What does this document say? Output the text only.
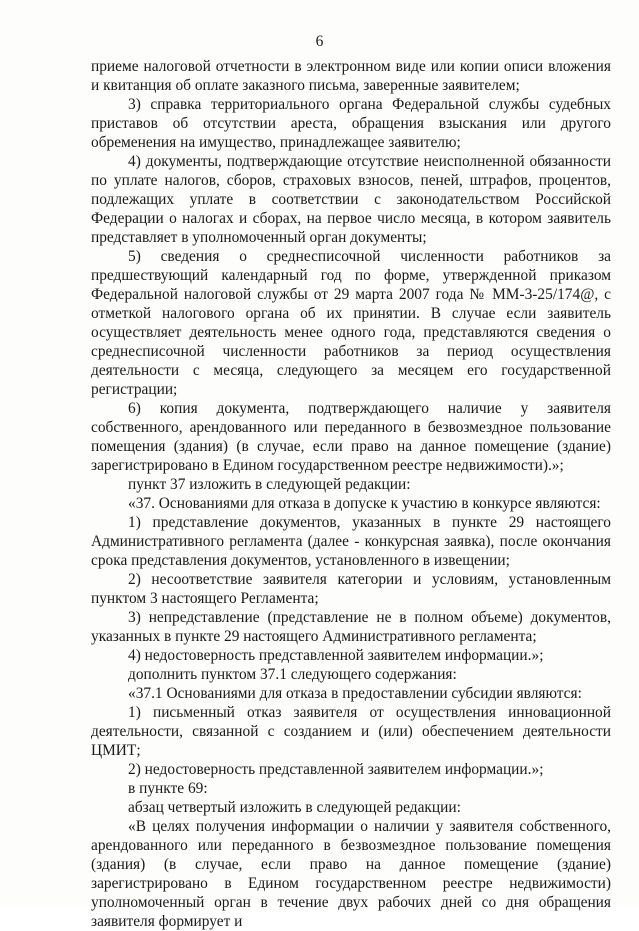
6

приеме налоговой отчетности в электронном виде или копии описи вложения и квитанция об оплате заказного письма, заверенные заявителем;

3) справка территориального органа Федеральной службы судебных приставов об отсутствии ареста, обращения взыскания или другого обременения на имущество, принадлежащее заявителю;

4) документы, подтверждающие отсутствие неисполненной обязанности по уплате налогов, сборов, страховых взносов, пеней, штрафов, процентов, подлежащих уплате в соответствии с законодательством Российской Федерации о налогах и сборах, на первое число месяца, в котором заявитель представляет в уполномоченный орган документы;

5) сведения о среднесписочной численности работников за предшествующий календарный год по форме, утвержденной приказом Федеральной налоговой службы от 29 марта 2007 года № ММ-3-25/174@, с отметкой налогового органа об их принятии. В случае если заявитель осуществляет деятельность менее одного года, представляются сведения о среднесписочной численности работников за период осуществления деятельности с месяца, следующего за месяцем его государственной регистрации;

6) копия документа, подтверждающего наличие у заявителя собственного, арендованного или переданного в безвозмездное пользование помещения (здания) (в случае, если право на данное помещение (здание) зарегистрировано в Едином государственном реестре недвижимости).»;

пункт 37 изложить в следующей редакции:

«37. Основаниями для отказа в допуске к участию в конкурсе являются:

1) представление документов, указанных в пункте 29 настоящего Административного регламента (далее - конкурсная заявка), после окончания срока представления документов, установленного в извещении;

2) несоответствие заявителя категории и условиям, установленным пунктом 3 настоящего Регламента;

3) непредставление (представление не в полном объеме) документов, указанных в пункте 29 настоящего Административного регламента;

4) недостоверность представленной заявителем информации.»;

дополнить пунктом 37.1 следующего содержания:

«37.1 Основаниями для отказа в предоставлении субсидии являются:

1) письменный отказ заявителя от осуществления инновационной деятельности, связанной с созданием и (или) обеспечением деятельности ЦМИТ;

2) недостоверность представленной заявителем информации.»;

в пункте 69:

абзац четвертый изложить в следующей редакции:

«В целях получения информации о наличии у заявителя собственного, арендованного или переданного в безвозмездное пользование помещения (здания) (в случае, если право на данное помещение (здание) зарегистрировано в Едином государственном реестре недвижимости) уполномоченный орган в течение двух рабочих дней со дня обращения заявителя формирует и
